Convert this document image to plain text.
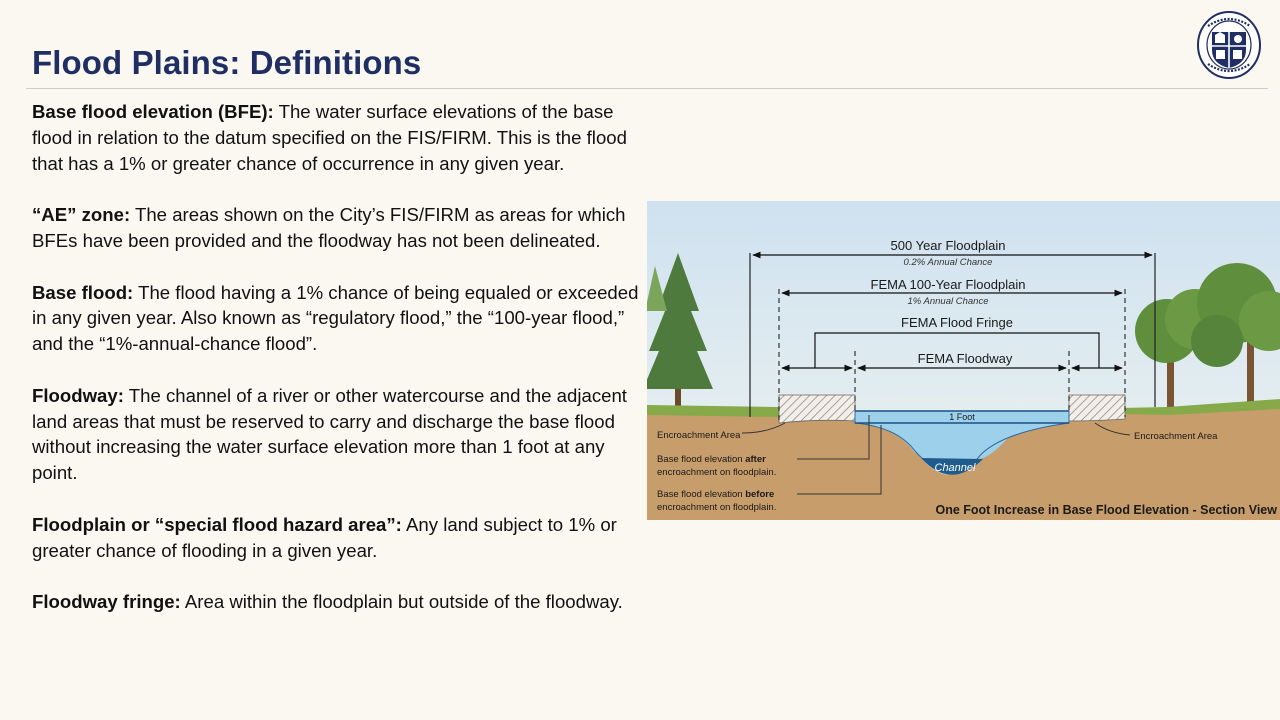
Flood Plains: Definitions

Base flood elevation (BFE): The water surface elevations of the base flood in relation to the datum specified on the FIS/FIRM. This is the flood that has a 1% or greater chance of occurrence in any given year.

“AE” zone: The areas shown on the City’s FIS/FIRM as areas for which BFEs have been provided and the floodway has not been delineated.

Base flood: The flood having a 1% chance of being equaled or exceeded in any given year. Also known as “regulatory flood,” the “100-year flood,” and the “1%-annual-chance flood”.

Floodway: The channel of a river or other watercourse and the adjacent land areas that must be reserved to carry and discharge the base flood without increasing the water surface elevation more than 1 foot at any point.

Floodplain or “special flood hazard area”: Any land subject to 1% or greater chance of flooding in a given year.

Floodway fringe: Area within the floodplain but outside of the floodway.

500 Year Floodplain
0.2% Annual Chance
FEMA 100-Year Floodplain
1% Annual Chance
FEMA Flood Fringe
FEMA Floodway
1 Foot
Encroachment Area	Encroachment Area
Channel
Base flood elevation after
encroachment on floodplain.
Base flood elevation before
encroachment on floodplain.	One Foot Increase in Base Flood Elevation - Section View
